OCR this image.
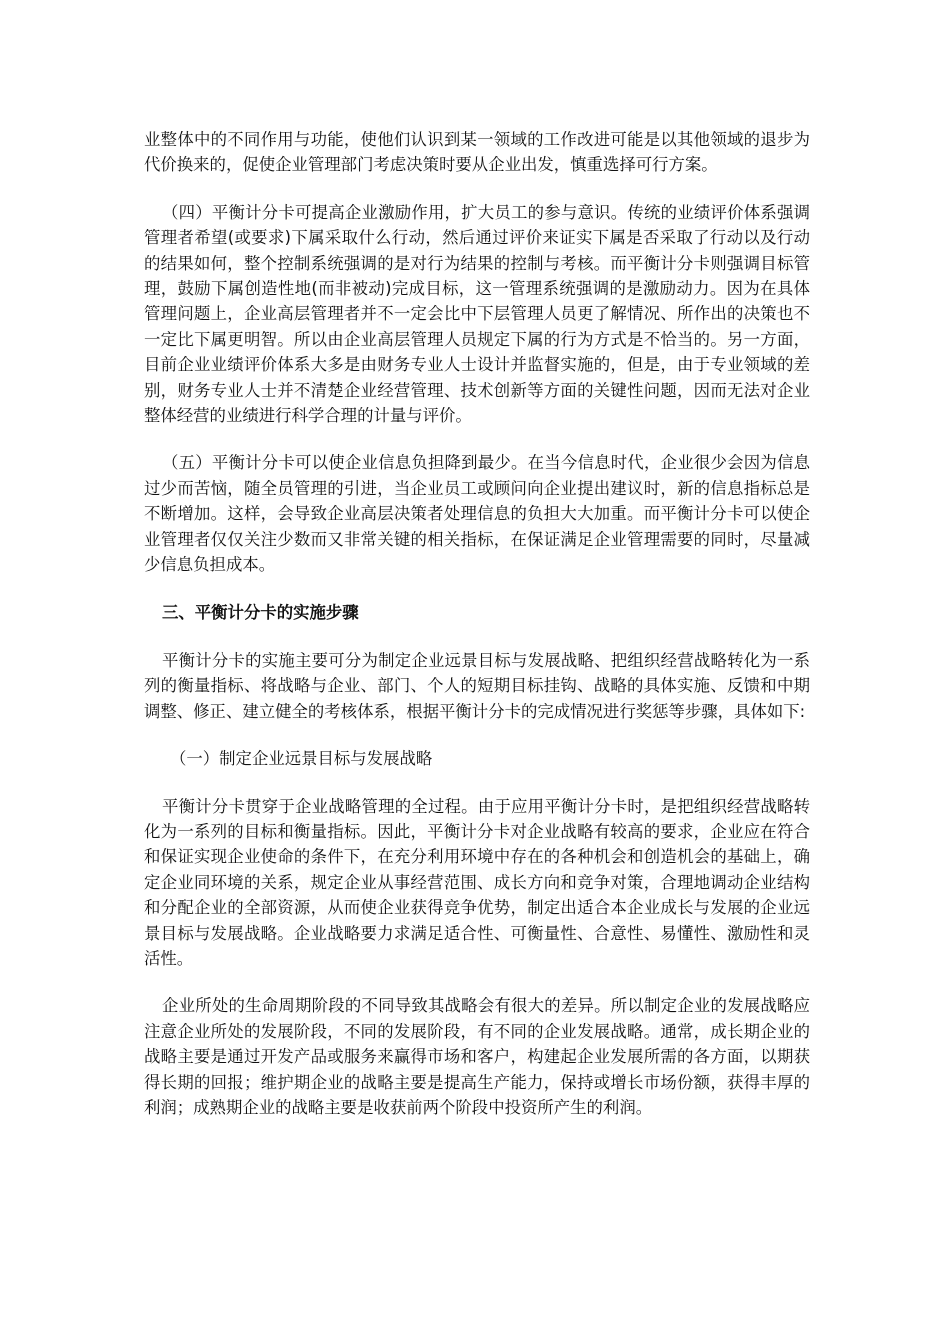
业整体中的不同作用与功能，使他们认识到某一领域的工作改进可能是以其他领域的退步为代价换来的，促使企业管理部门考虑决策时要从企业出发，慎重选择可行方案。

（四）平衡计分卡可提高企业激励作用，扩大员工的参与意识。传统的业绩评价体系强调管理者希望(或要求)下属采取什么行动，然后通过评价来证实下属是否采取了行动以及行动的结果如何，整个控制系统强调的是对行为结果的控制与考核。而平衡计分卡则强调目标管理，鼓励下属创造性地(而非被动)完成目标，这一管理系统强调的是激励动力。因为在具体管理问题上，企业高层管理者并不一定会比中下层管理人员更了解情况、所作出的决策也不一定比下属更明智。所以由企业高层管理人员规定下属的行为方式是不恰当的。另一方面，目前企业业绩评价体系大多是由财务专业人士设计并监督实施的，但是，由于专业领域的差别，财务专业人士并不清楚企业经营管理、技术创新等方面的关键性问题，因而无法对企业整体经营的业绩进行科学合理的计量与评价。

（五）平衡计分卡可以使企业信息负担降到最少。在当今信息时代，企业很少会因为信息过少而苦恼，随全员管理的引进，当企业员工或顾问向企业提出建议时，新的信息指标总是不断增加。这样，会导致企业高层决策者处理信息的负担大大加重。而平衡计分卡可以使企业管理者仅仅关注少数而又非常关键的相关指标，在保证满足企业管理需要的同时，尽量减少信息负担成本。

三、平衡计分卡的实施步骤

平衡计分卡的实施主要可分为制定企业远景目标与发展战略、把组织经营战略转化为一系列的衡量指标、将战略与企业、部门、个人的短期目标挂钩、战略的具体实施、反馈和中期调整、修正、建立健全的考核体系，根据平衡计分卡的完成情况进行奖惩等步骤，具体如下:

（一）制定企业远景目标与发展战略

平衡计分卡贯穿于企业战略管理的全过程。由于应用平衡计分卡时，是把组织经营战略转化为一系列的目标和衡量指标。因此，平衡计分卡对企业战略有较高的要求，企业应在符合和保证实现企业使命的条件下，在充分利用环境中存在的各种机会和创造机会的基础上，确定企业同环境的关系，规定企业从事经营范围、成长方向和竞争对策，合理地调动企业结构和分配企业的全部资源，从而使企业获得竞争优势，制定出适合本企业成长与发展的企业远景目标与发展战略。企业战略要力求满足适合性、可衡量性、合意性、易懂性、激励性和灵活性。

企业所处的生命周期阶段的不同导致其战略会有很大的差异。所以制定企业的发展战略应注意企业所处的发展阶段，不同的发展阶段，有不同的企业发展战略。通常，成长期企业的战略主要是通过开发产品或服务来赢得市场和客户，构建起企业发展所需的各方面，以期获得长期的回报；维护期企业的战略主要是提高生产能力，保持或增长市场份额，获得丰厚的利润；成熟期企业的战略主要是收获前两个阶段中投资所产生的利润。
